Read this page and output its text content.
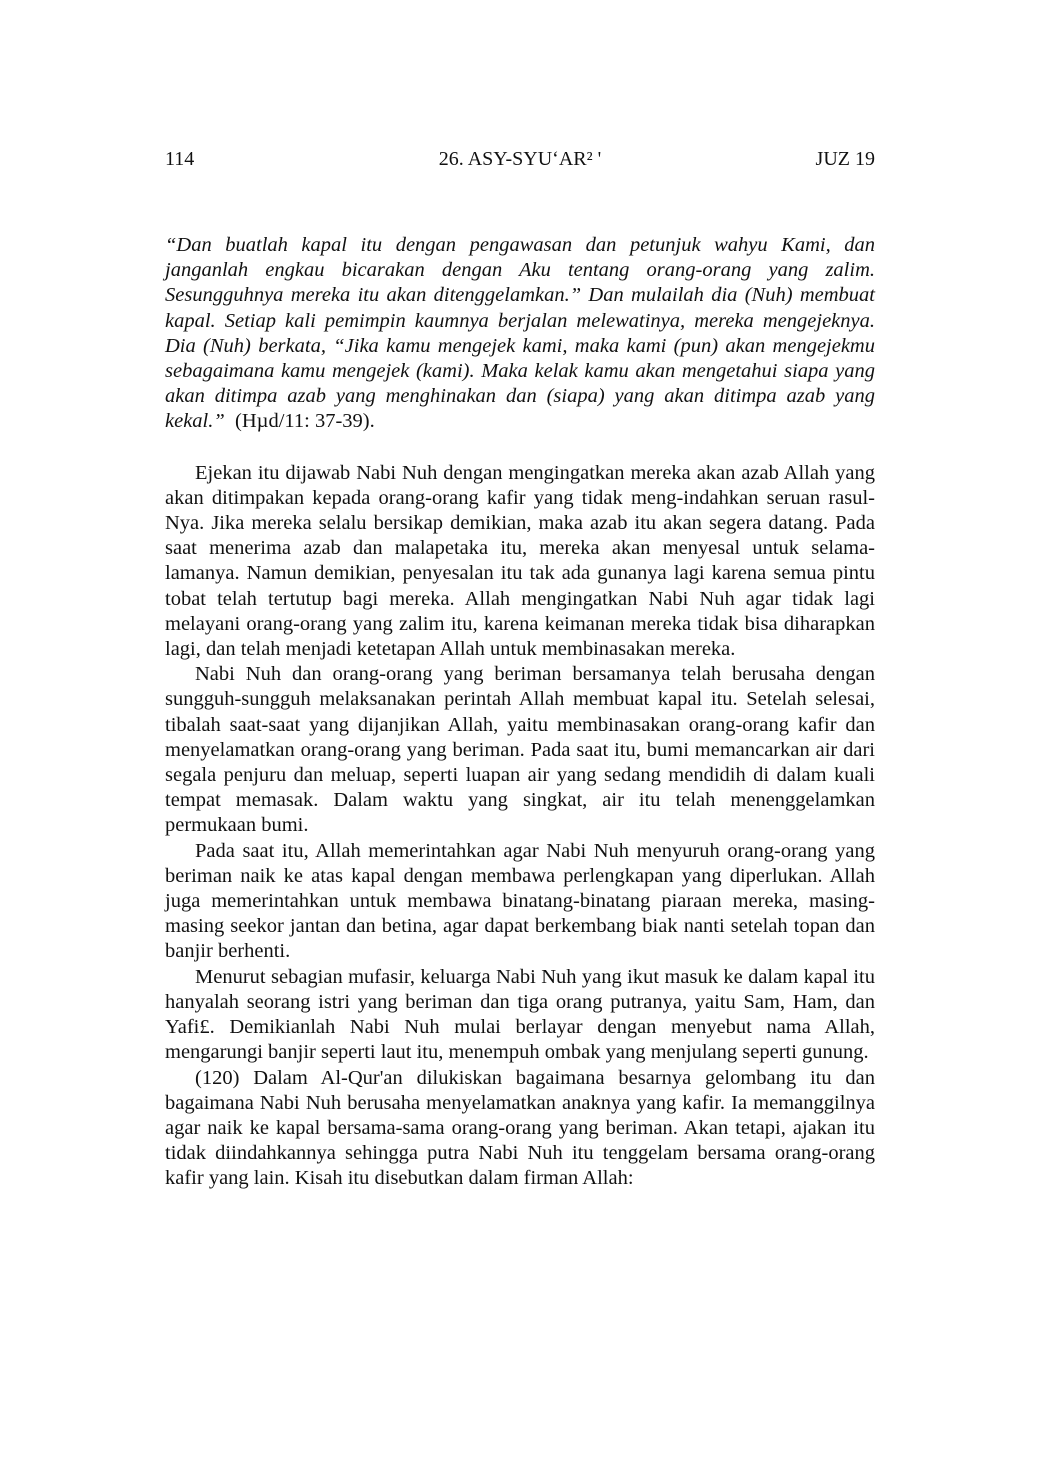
114	26. ASY-SYU‘AR² '	JUZ 19

“Dan buatlah kapal itu dengan pengawasan dan petunjuk wahyu Kami, dan janganlah engkau bicarakan dengan Aku tentang orang-orang yang zalim. Sesungguhnya mereka itu akan ditenggelamkan.” Dan mulailah dia (Nuh) membuat kapal. Setiap kali pemimpin kaumnya berjalan melewatinya, mereka mengejeknya. Dia (Nuh) berkata, “Jika kamu mengejek kami, maka kami (pun) akan mengejekmu sebagaimana kamu mengejek (kami). Maka kelak kamu akan mengetahui siapa yang akan ditimpa azab yang menghinakan dan (siapa) yang akan ditimpa azab yang kekal.” (Hµd/11: 37-39).

Ejekan itu dijawab Nabi Nuh dengan mengingatkan mereka akan azab Allah yang akan ditimpakan kepada orang-orang kafir yang tidak meng-indahkan seruan rasul-Nya. Jika mereka selalu bersikap demikian, maka azab itu akan segera datang. Pada saat menerima azab dan malapetaka itu, mereka akan menyesal untuk selama-lamanya. Namun demikian, penyesalan itu tak ada gunanya lagi karena semua pintu tobat telah tertutup bagi mereka. Allah mengingatkan Nabi Nuh agar tidak lagi melayani orang-orang yang zalim itu, karena keimanan mereka tidak bisa diharapkan lagi, dan telah menjadi ketetapan Allah untuk membinasakan mereka.

Nabi Nuh dan orang-orang yang beriman bersamanya telah berusaha dengan sungguh-sungguh melaksanakan perintah Allah membuat kapal itu. Setelah selesai, tibalah saat-saat yang dijanjikan Allah, yaitu membinasakan orang-orang kafir dan menyelamatkan orang-orang yang beriman. Pada saat itu, bumi memancarkan air dari segala penjuru dan meluap, seperti luapan air yang sedang mendidih di dalam kuali tempat memasak. Dalam waktu yang singkat, air itu telah menenggelamkan permukaan bumi.

Pada saat itu, Allah memerintahkan agar Nabi Nuh menyuruh orang-orang yang beriman naik ke atas kapal dengan membawa perlengkapan yang diperlukan. Allah juga memerintahkan untuk membawa binatang-binatang piaraan mereka, masing-masing seekor jantan dan betina, agar dapat berkembang biak nanti setelah topan dan banjir berhenti.

Menurut sebagian mufasir, keluarga Nabi Nuh yang ikut masuk ke dalam kapal itu hanyalah seorang istri yang beriman dan tiga orang putranya, yaitu Sam, Ham, dan Yafi£. Demikianlah Nabi Nuh mulai berlayar dengan menyebut nama Allah, mengarungi banjir seperti laut itu, menempuh ombak yang menjulang seperti gunung.

(120) Dalam Al-Qur'an dilukiskan bagaimana besarnya gelombang itu dan bagaimana Nabi Nuh berusaha menyelamatkan anaknya yang kafir. Ia memanggilnya agar naik ke kapal bersama-sama orang-orang yang beriman. Akan tetapi, ajakan itu tidak diindahkannya sehingga putra Nabi Nuh itu tenggelam bersama orang-orang kafir yang lain. Kisah itu disebutkan dalam firman Allah:
